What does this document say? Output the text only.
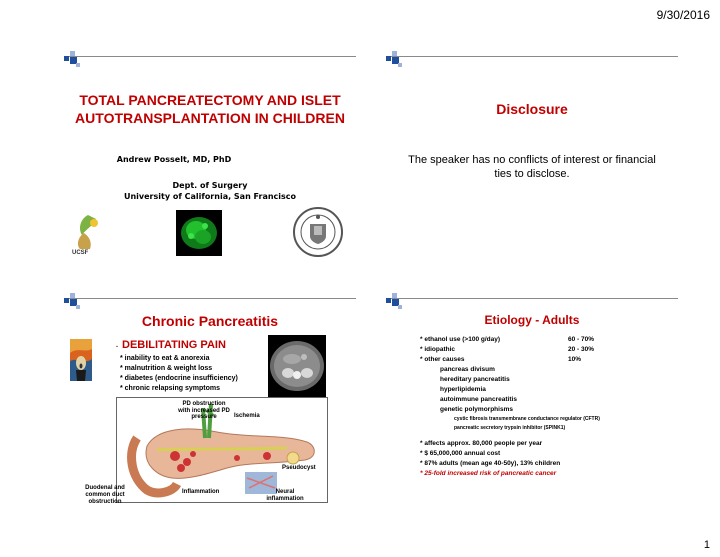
9/30/2016
TOTAL PANCREATECTOMY AND ISLET AUTOTRANSPLANTATION IN CHILDREN
Andrew Posselt, MD, PhD
Dept. of Surgery
University of California, San Francisco
UCSF
Disclosure
The speaker has no conflicts of interest or financial ties to disclose.
Chronic Pancreatitis
· DEBILITATING PAIN
* inability to eat & anorexia
* malnutrition & weight loss
* diabetes (endocrine insufficiency)
* chronic relapsing symptoms
PD obstruction with increased PD pressure	Ischemia
Pseudocyst
Duodenal and common duct obstruction
Neural inflammation
Inflammation
Etiology - Adults
* ethanol use (>100 g/day)	60 - 70%
* idiopathic	20 - 30%
* other causes	10%
pancreas divisum
hereditary pancreatitis
hyperlipidemia
autoimmune pancreatitis
genetic polymorphisms
cystic fibrosis transmembrane conductance regulator (CFTR)
pancreatic secretory trypsin inhibitor (SPINK1)
* affects approx. 80,000 people per year
* $ 65,000,000 annual cost
* 87% adults (mean age 40-50y), 13% children
* 25-fold increased risk of pancreatic cancer
1
